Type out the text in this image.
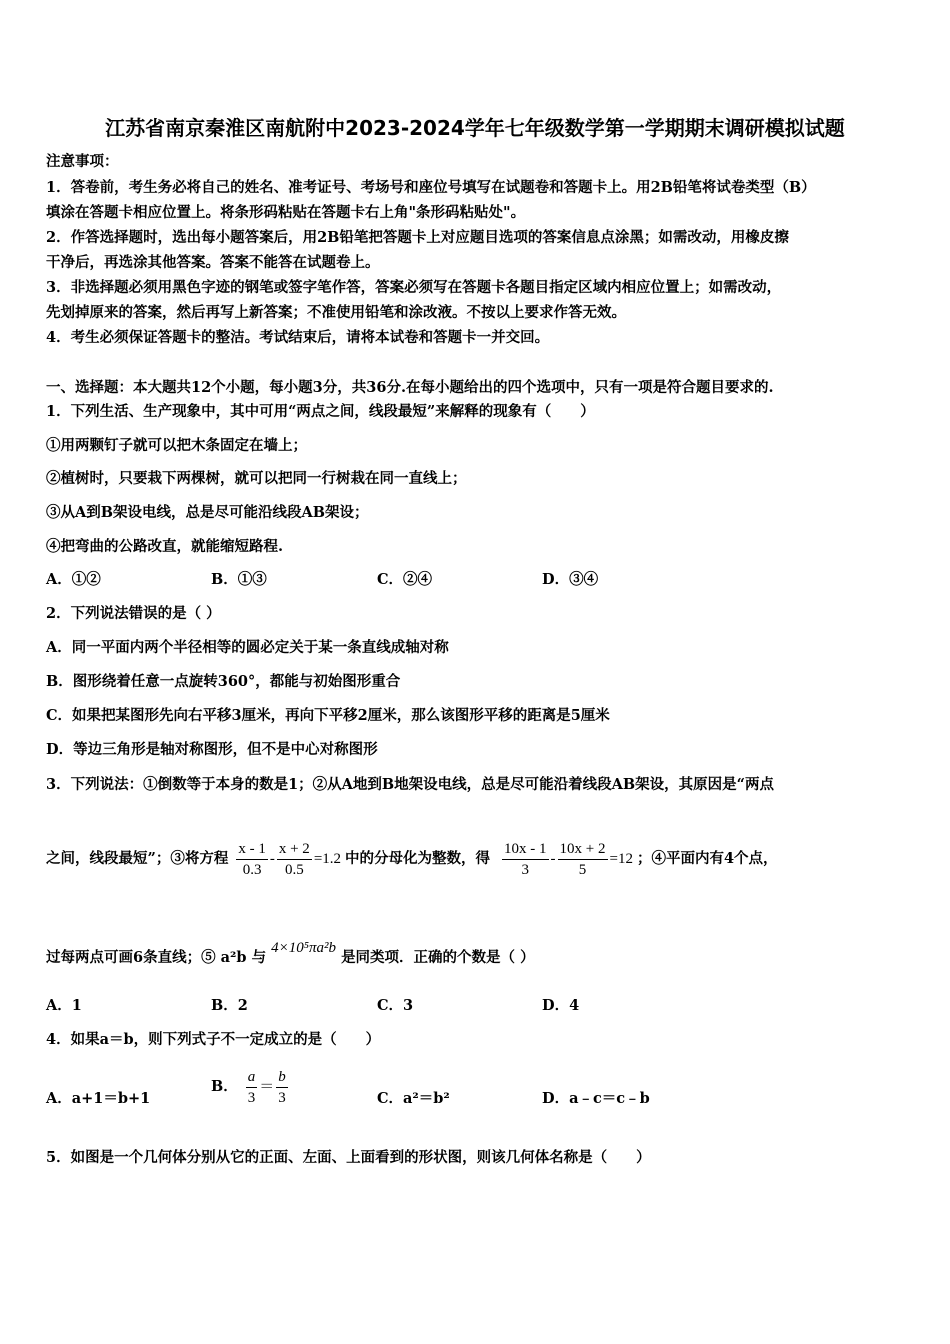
江苏省南京秦淮区南航附中2023-2024学年七年级数学第一学期期末调研模拟试题
注意事项：
1．答卷前，考生务必将自己的姓名、准考证号、考场号和座位号填写在试题卷和答题卡上。用2B铅笔将试卷类型（B）
填涂在答题卡相应位置上。将条形码粘贴在答题卡右上角"条形码粘贴处"。
2．作答选择题时，选出每小题答案后，用2B铅笔把答题卡上对应题目选项的答案信息点涂黑；如需改动，用橡皮擦
干净后，再选涂其他答案。答案不能答在试题卷上。
3．非选择题必须用黑色字迹的钢笔或签字笔作答，答案必须写在答题卡各题目指定区域内相应位置上；如需改动，
先划掉原来的答案，然后再写上新答案；不准使用铅笔和涂改液。不按以上要求作答无效。
4．考生必须保证答题卡的整洁。考试结束后，请将本试卷和答题卡一并交回。
一、选择题：本大题共12个小题，每小题3分，共36分.在每小题给出的四个选项中，只有一项是符合题目要求的.
1．下列生活、生产现象中，其中可用“两点之间，线段最短”来解释的现象有（　　）
①用两颗钉子就可以把木条固定在墙上；
②植树时，只要栽下两棵树，就可以把同一行树栽在同一直线上；
③从A到B架设电线，总是尽可能沿线段AB架设；
④把弯曲的公路改直，就能缩短路程.
A．①②	B．①③	C．②④	D．③④
2．下列说法错误的是（ ）
A．同一平面内两个半径相等的圆必定关于某一条直线成轴对称
B．图形绕着任意一点旋转360°，都能与初始图形重合
C．如果把某图形先向右平移3厘米，再向下平移2厘米，那么该图形平移的距离是5厘米
D．等边三角形是轴对称图形，但不是中心对称图形
3．下列说法：①倒数等于本身的数是1；②从A地到B地架设电线，总是尽可能沿着线段AB架设，其原因是“两点
之间，线段最短”；③将方程 $\frac{x - 1}{0.3} - \frac{x + 2}{0.5} =1.2$ 中的分母化为整数，得 $\frac{10x - 1}{3} - \frac{10x + 2}{5} =12$ ；④平面内有4个点，
过每两点可画6条直线；⑤ a²b 与 4×10⁵πa²b 是同类项．正确的个数是（ ）
A．1	B．2	C．3	D．4
4．如果a＝b，则下列式子不一定成立的是（　　）
A．a+1＝b+1
B． $\frac{a}{3} = \frac{b}{3}$	C．a²＝b²	D．a﹣c＝c﹣b
5．如图是一个几何体分别从它的正面、左面、上面看到的形状图，则该几何体名称是（　　）
